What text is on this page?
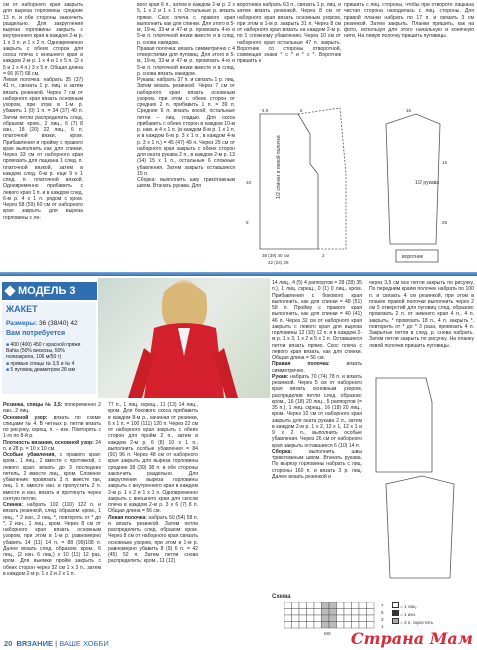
см от наборного края закрыть для выреза горловины средние 13 п. и обе стороны закончить раздельно. Для закругления выреза горловины закрыть с внутреннего края в каждом 2-м р. 1 х 3 п. и 1 х 2 п. Одновременно закрыть с обеих сторон для скоса плеча с внешнего края в каждом 2-м р. 1 х 4 и 1 х 5 п. (2 х 5 и 1 х 4 п.) 3 х 5 п. Общая длина = 66 (67) 68 см.

Левая полочка: набрать 35 (37) 41 п., связать 1 р. лиц. и затем вязать резинкой. Через 7 см от наборного края вязать основным узором, при этом в 1-м р. убавить 1 (0) 1 п. = 34 (37) 40 п. Затем петли распределить след. образом: кром., 2 лиц., 6 (7) 8 изн., 18 (20) 22 лиц., 6 п. платочной вязки, кром. Прибавления и пройму с правого края выполнить как для спинки. Через 33 см от наборного края провязать для лацкана 1 след. п. платочной вязкой, затем в каждом след. 6-м р. еще 9 х 1 след. п. платочной вязкой. Одновременно прибавить с левого края 1 п. и в каждом след. 6-м р. 4 х 1 п. рядом с кром. Через 58 (59) 60 см от наборного края закрыть для выреза горловины с ле-

вого края 6 п., затем в каждом 2-м р. 2 х 5, 1 х 2 и 1 х 1 п. Остальные р. вязать прямо. Скос плеча с правого края выполнить как для спинки. Для этого в 5-м, 19-м, 33-м и 47-м р. провязать 4-ю и 5-ю п. платочной вязки вместе и в след. р. снова накидом.

Правая полочка: вязать симметрично с 4 отверстиями для пуговиц. Для этого в 5-м, 19-м, 33-м и 47-м р. провязать 4-ю и 5-ю п. платочной вязки вместе и в след. р. снова вязать накидом.

Рукава: набрать 37 п. и связать 1 р. лиц. Затем вязать резинкой. Через 7 см от наборного края вязать основным узором, при этом с обеих сторон от средних 2 п. прибавить 1 п. = 39 п. Средние 6 п. вязать косой, остальные петли – лиц. гладью. Для скоса прибавить с обеих сторон в каждом 10-м р. нам. и 4 х 1 п. (в каждом 8-м р. 1 х 1 п. и в каждом 6-м р. 3 х 1 п., в каждом 4-м р. 3 х 1 п.) = 45 (47) 49 п. Через 29 см от наборного края закрыть с обеих сторон для оката рукава 2 п., в каждом 2-м р. 13 (14) 15 х 1 п., остальные 6 сложные убавления. Затем закрыть оставшиеся 15 п.

Сборка: выполнить шву трикотажным швом. Втачать рукава. Для

воротника набрать 63 п., связать 1 р. лиц. и затем вязать резинкой. Через 8 см от наборного края вязать основным узором, при этом в 1-м р. закрыть 31 п. Через 8 см от наборного края вязать на каждом 2-м р. по 1 сложному убавлению. Через 10 см от наборного края остальные 47 п. закрыть. Воротник со стороны отворотной, совмещая знаки * с * и * с *. Воротник пришить к

пришить с лиц. стороны, чтобы при отвороте лацкана чистая сторона находилась с лиц. стороны. Для правой планки набрать по 17 п. и связать 3 см резинкой. Затем закрыть. Планки пришить, как на фото, используя для этого начальную и конечную нити. На левую полочку пришить пуговицы.

1/2 спинки и левой полочки	1/2 рукава
воротник
4,5	6
38 (39) 40 см	2
22 (24) 26
33
9
16
15
25
МОДЕЛЬ 3
ЖАКЕТ
Размеры: 36 (38/40) 42
Вам потребуется
■ 400 (400) 450 г красной пряжи Bahia (50% вискозы, 50% полиакрила, 106 м/50 г)
■ прямые спицы № 3,5 и № 4
■ 5 пуговиц диаметром 28 мм

Резинка, спицы № 3,5: попеременно 2 изн., 2 лиц.

Основной узор: вязать по схеме спицами № 4. В четных р. петли вязать по рисунку, скрещ. п. – изн. Повторять с 1-го по 8-й р.

Плотность вязания, основной узор: 24 п. и 28 р. = 10 х 10 см.

Особые убавления, с правого края: кром., 1 лиц., 2 вместе с протяжкой, с левого края: вязать до 3 последних петель, 2 вместе лиц., кром. Сложное убавление: провязать 3 п. вместе так, лиц. 1 п. вместе изн. и пропустить 2 п. вместе и изн. вязать и протянуть через снятую петлю.

Спинка: набрать 102 (110) 122 п. и вязать резинкой, след. образом: кром., 1 лиц., * 2 изн., 2 лиц. *, повторять от * до *, 2 изн., 1 лиц., кром. Через 8 см от наборного края вязать основным узором, при этом в 1-м р. равномерно убавить 14 (11) 14 п. = 88 (99)108 п. Далее вязать след. образом: кром., 6 лиц., (2 изн. 6 лиц.) х 10 (11) 12 раз, кром. Для выемки пройм закрыть с обеих сторон через 32 см 1 х 3 п., затем в каждом 2-м р. 1 х 2 и 2 х 1 п.

77 п., 1 лиц. скрещ., 11 (13) 14 лиц., кром. Для бокового скоса прибавить в каждом 8-м р., начиная от резинки, 6 х 1 п. = 100 (111) 120 п. Через 22 см от наборного края закрыть с обеих сторон для пройм 2 п., затем в каждом 2-м р. 6 (8) 10 х 1 п., выполнить особые убавления = 84 (91) 96 п. Через 48 см от наборного края закрыть для выреза горловины средние 38 (39) 38 п. и обе стороны закончить раздельно. Для закругления выреза горловины закрыть с внутреннего края в каждом 2-м р. 1 х 2 и 1 х 1 п. Одновременно закрыть с внешнего края для скосов плеча в каждом 2-м р. 3 х 6 (7) 8 п. Общая длина = 56 см.

Левая полочка: набрать 50 (54) 58 п. и вязать резинкой. Затем петли распределить след. образом: кром. Через 8 см от наборного края связать основным узором, при этом в 1-м р. равномерно убавить 8 (9) 6 п. = 42 (45) 52 п. Затем петли снова распределить: кром., 11 (12)

14 лиц., 4 (5) 4 раппортов = 28 (28) 35 п.), 1 лиц. скрещ., 0 (1) 0 лиц., кром. Прибавления с бокового края выполнить, как для спинки = 48 (51) 58 п. Пройму с правого края выполнить, как для спинки = 40 (41) 46 п. Через 32 см от наборного края закрыть с левого края для выреза горловины 12 (10) 12 п. и в каждом 2-м р. 1 х 3, 1 х 2 и 5 х 1 п. Оставшиеся петли вязать прямо. Скос плеча с левого края вязать, как для спинки. Общая длина = 56 см.

Правая полочка: вязать симметрично.

Рукав: набрать 70 (74) 78 п. и вязать резинкой. Через 5 см от наборного края вязать основным узором, распределив петли след. образом: кром., 16 (18) 20 лиц., 5 раппортов (= 35 п.), 1 лиц. скрещ., 16 (18) 20 лиц., кром. Через 10 см от наборного края закрыть для оката рукава 2 п., затем в каждом 2-м р. 1 х 2, 12 х 1, 12 х 1 и 9 х 2 п., выполнить особые убавления. Через 26 см от наборного края закрыть оставшиеся 6 (10) 14 п.

Сборка: выполнить швы трикотажным швом. Втачать рукава. По вырезу горловины набрать с лиц. стороны 160 п. и вязать 3 р. лиц. Далее вязать резинкой и

через 3,5 см все петли закрыть по рисунку. По передним краям полочек набрать по 100 п. и связать 4 см резинкой, при этом в планке правой полочки выполнить через 2 см 5 отверстий для пуговиц след. образом: провязать 2 п. от нижнего края 4 п., 4 п. закрыть, * провязать 18 п., 4 п. закрыть *, повторить от * до * 3 раза, провязать 4 п. Закрытые петли в след. р. снова набрать. Затем петли закрыть по рисунку. На планку левой полочки пришить пуговицы.

Схема
МS
7
5
3
1
= 1 лиц.
= 1 изн.
= 2 п. скрестить
20 ВЯЗАНИЕ | ВАШЕ ХОББИ	Страна Мам
